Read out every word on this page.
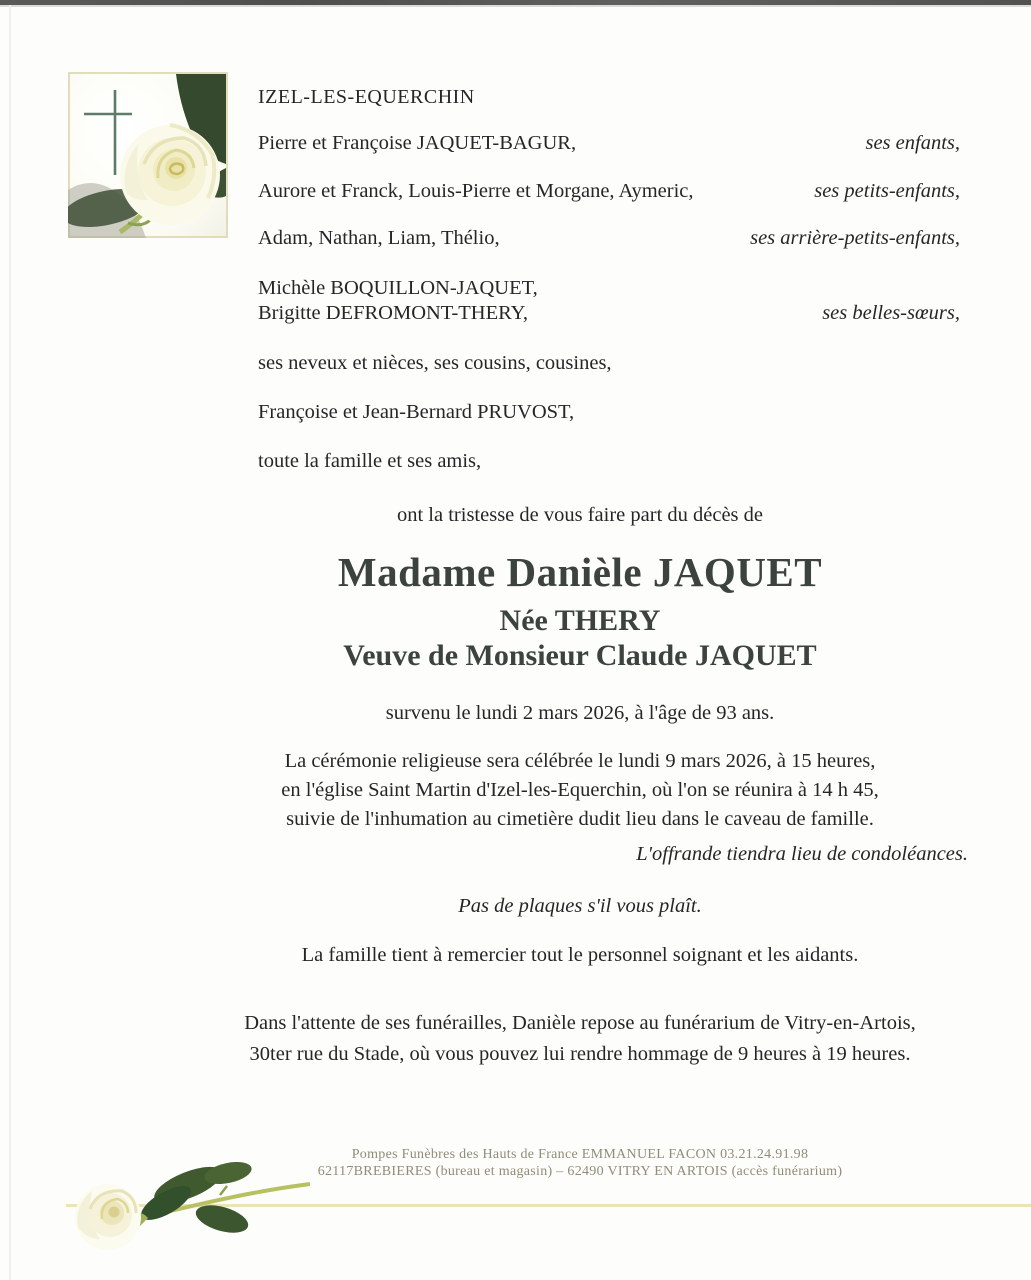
IZEL-LES-EQUERCHIN
Pierre et Françoise JAQUET-BAGUR,	ses enfants,
Aurore et Franck, Louis-Pierre et Morgane, Aymeric,	ses petits-enfants,
Adam, Nathan, Liam, Thélio,	ses arrière-petits-enfants,
Michèle BOQUILLON-JAQUET,
Brigitte DEFROMONT-THERY,	ses belles-sœurs,
ses neveux et nièces, ses cousins, cousines,
Françoise et Jean-Bernard PRUVOST,
toute la famille et ses amis,
ont la tristesse de vous faire part du décès de
Madame Danièle JAQUET
Née THERY
Veuve de Monsieur Claude JAQUET
survenu le lundi 2 mars 2026, à l'âge de 93 ans.
La cérémonie religieuse sera célébrée le lundi 9 mars 2026, à 15 heures,
en l'église Saint Martin d'Izel-les-Equerchin, où l'on se réunira à 14 h 45,
suivie de l'inhumation au cimetière dudit lieu dans le caveau de famille.
L'offrande tiendra lieu de condoléances.
Pas de plaques s'il vous plaît.
La famille tient à remercier tout le personnel soignant et les aidants.
Dans l'attente de ses funérailles, Danièle repose au funérarium de Vitry-en-Artois,
30ter rue du Stade, où vous pouvez lui rendre hommage de 9 heures à 19 heures.
Pompes Funèbres des Hauts de France EMMANUEL FACON 03.21.24.91.98
62117BREBIERES (bureau et magasin) – 62490 VITRY EN ARTOIS (accès funérarium)
